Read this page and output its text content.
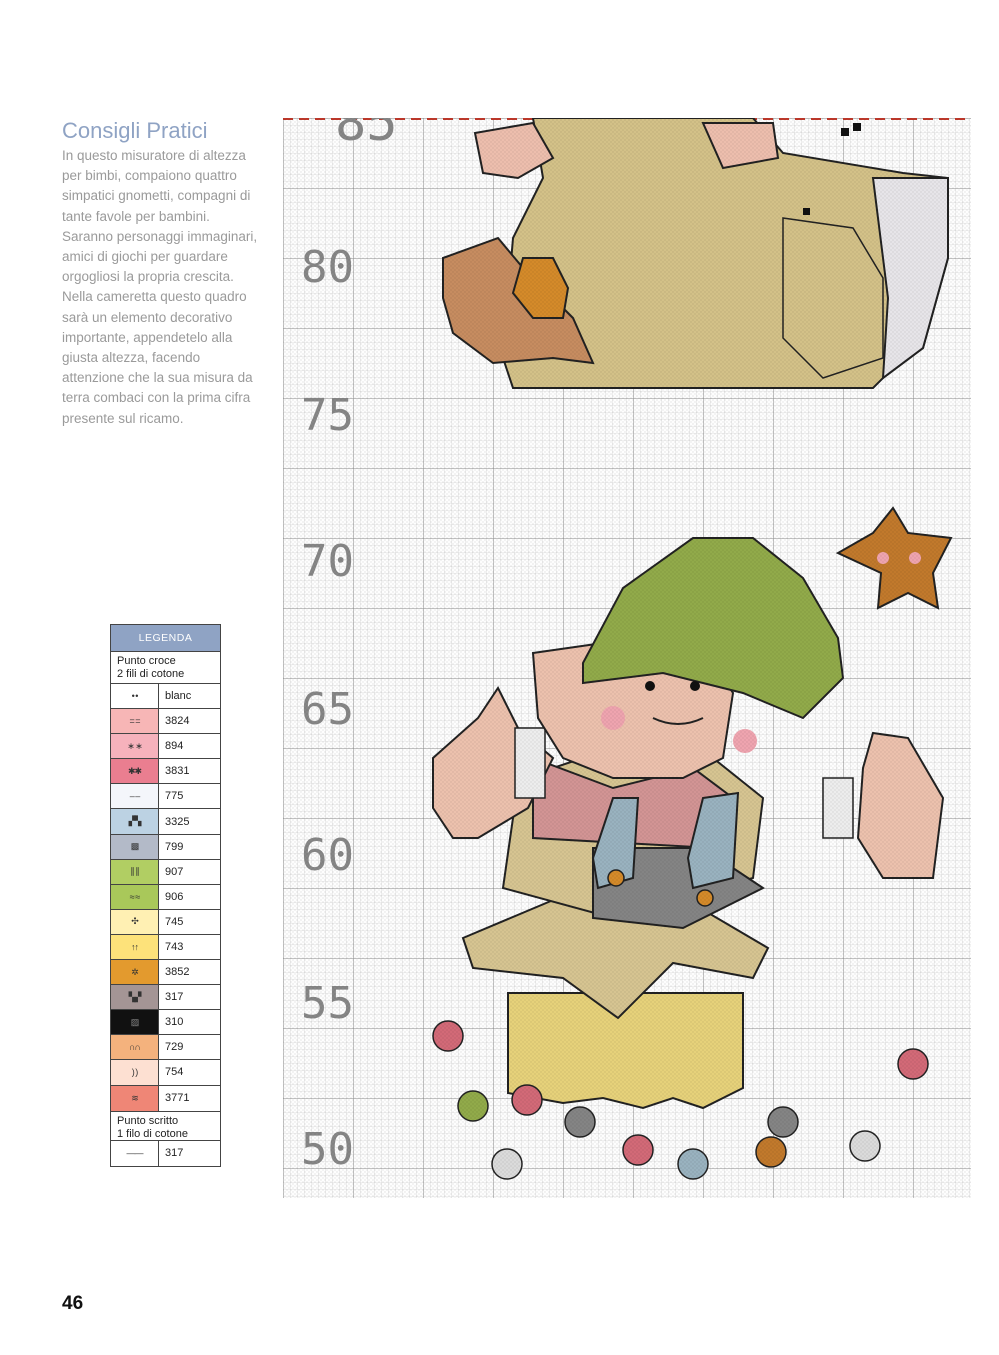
Consigli Pratici
In questo misuratore di altezza per bimbi, compaiono quattro simpatici gnometti, compagni di tante favole per bambini. Saranno personaggi immaginari, amici di giochi per guardare orgogliosi la propria crescita. Nella cameretta questo quadro sarà un elemento decorativo importante, appendetelo alla giusta altezza, facendo attenzione che la sua misura da terra combaci con la prima cifra presente sul ricamo.
LEGENDA
Punto croce
2 fili di cotone
• •	blanc
= =	3824
∗ ∗	894
✱✱	3831
‒ ‒	775
▞▚	3325
▩	799
∥ ∥	907
≈ ≈	906
✣	745
↑↑	743
✲	3852
▚▞	317
▨	310
∩∩	729
) )	754
≋	3771
Punto scritto
1 filo di cotone
——	317
46
